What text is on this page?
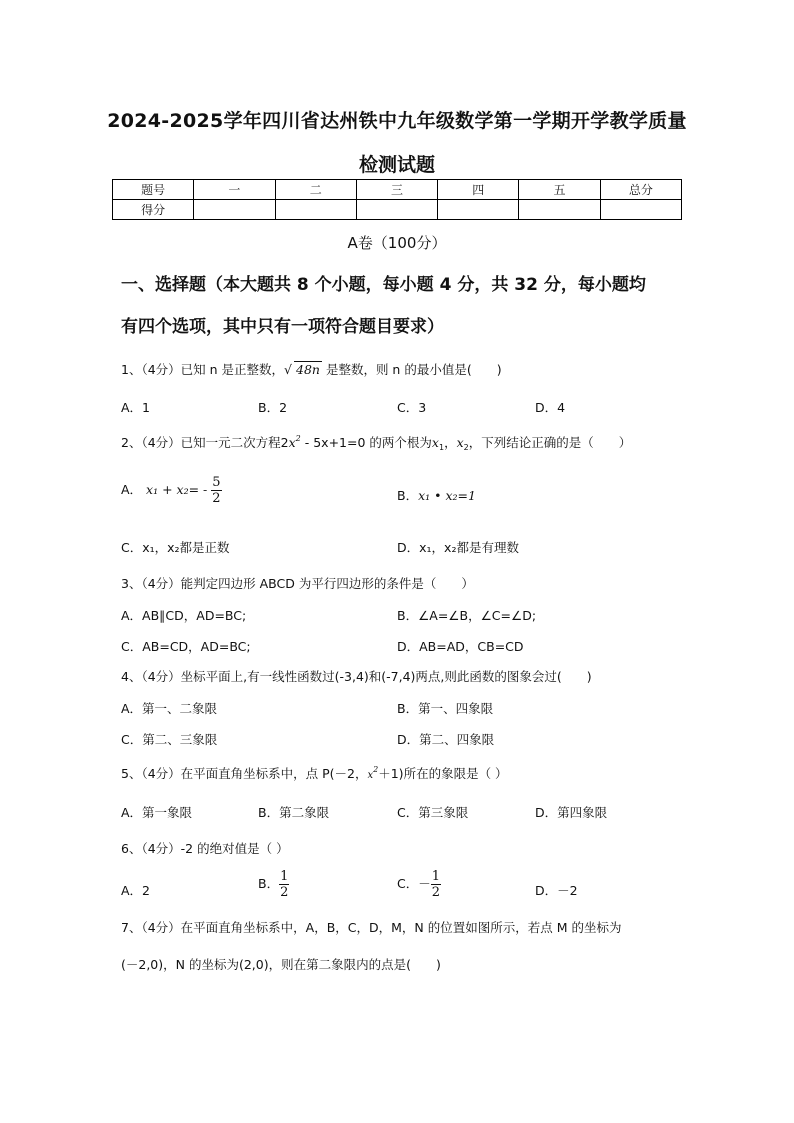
2024-2025学年四川省达州铁中九年级数学第一学期开学教学质量
检测试题
题号	一	二	三	四	五	总分
得分						
A卷（100分）
一、选择题（本大题共 8 个小题，每小题 4 分，共 32 分，每小题均
有四个选项，其中只有一项符合题目要求）
1、（4分）已知 n 是正整数，√ 48n 是整数，则 n 的最小值是(　　)
A．1	B．2	C．3	D．4
2、（4分）已知一元二次方程$2x^2 - 5x+1=0$ 的两个根为$x_1$，$x_2$，下列结论正确的是（　　）
A． $x_1 + x_2= - \frac{5}{2}$	B．x₁ • x₂=1
C．x₁，x₂都是正数	D．x₁，x₂都是有理数
3、（4分）能判定四边形 ABCD 为平行四边形的条件是（　　）
A．AB∥CD，AD=BC;	B．∠A=∠B，∠C=∠D;
C．AB=CD，AD=BC;	D．AB=AD，CB=CD
4、（4分）坐标平面上,有一线性函数过(-3,4)和(-7,4)两点,则此函数的图象会过(　　)
A．第一、二象限	B．第一、四象限
C．第二、三象限	D．第二、四象限
5、（4分）在平面直角坐标系中，点 P(－2，$x^2+1$)所在的象限是（ ）
A．第一象限	B．第二象限	C．第三象限	D．第四象限
6、（4分）-2 的绝对值是（ ）
A．2	B． $\frac{1}{2}$	C．－ $\frac{1}{2}$	D．－2
7、（4分）在平面直角坐标系中，A，B，C，D，M，N 的位置如图所示，若点 M 的坐标为
(－2,0)，N 的坐标为(2,0)，则在第二象限内的点是(　　)
